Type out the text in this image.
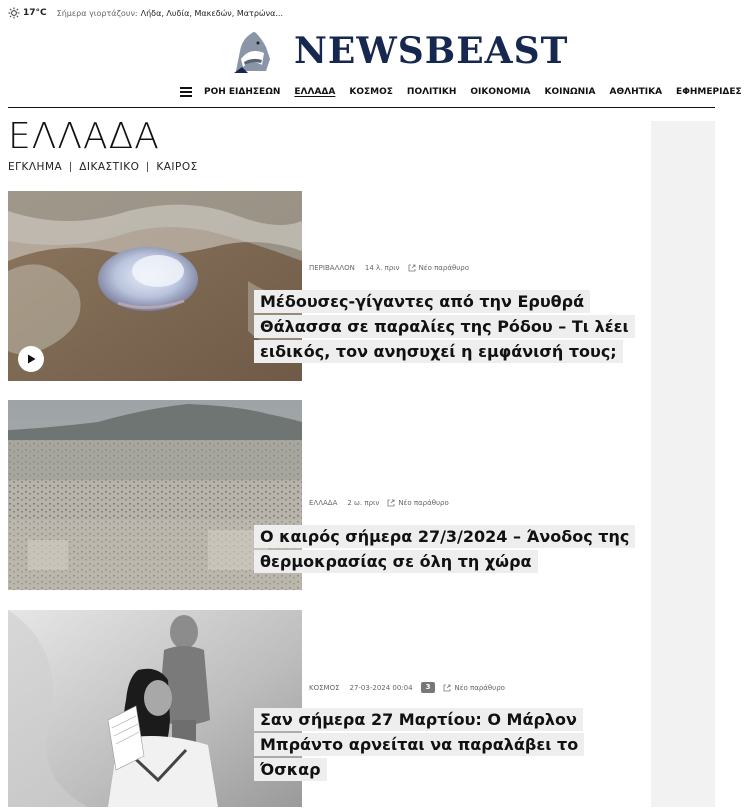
17°C Σήμερα γιορτάζουν: Λήδα, Λυδία, Μακεδών, Ματρώνα...
NEWSBEAST
ΡΟΗ ΕΙΔΗΣΕΩΝ ΕΛΛΑΔΑ ΚΟΣΜΟΣ ΠΟΛΙΤΙΚΗ ΟΙΚΟΝΟΜΙΑ ΚΟΙΝΩΝΙΑ ΑΘΛΗΤΙΚΑ ΕΦΗΜΕΡΙΔΕΣ
ΕΛΛΑΔΑ
ΕΓΚΛΗΜΑ ΔΙΚΑΣΤΙΚΟ ΚΑΙΡΟΣ
ΠΕΡΙΒΑΛΛΟΝ 14 λ. πριν	Νέο παράθυρο
Μέδουσες-γίγαντες από την Ερυθρά Θάλασσα σε παραλίες της Ρόδου – Τι λέει ειδικός, τον ανησυχεί η εμφάνισή τους;
ΕΛΛΑΔΑ 2 ω. πριν	Νέο παράθυρο
Ο καιρός σήμερα 27/3/2024 – Άνοδος της θερμοκρασίας σε όλη τη χώρα
ΚΟΣΜΟΣ 27-03-2024 00:04	3	Νέο παράθυρο
Σαν σήμερα 27 Μαρτίου: Ο Μάρλον Μπράντο αρνείται να παραλάβει το Όσκαρ
